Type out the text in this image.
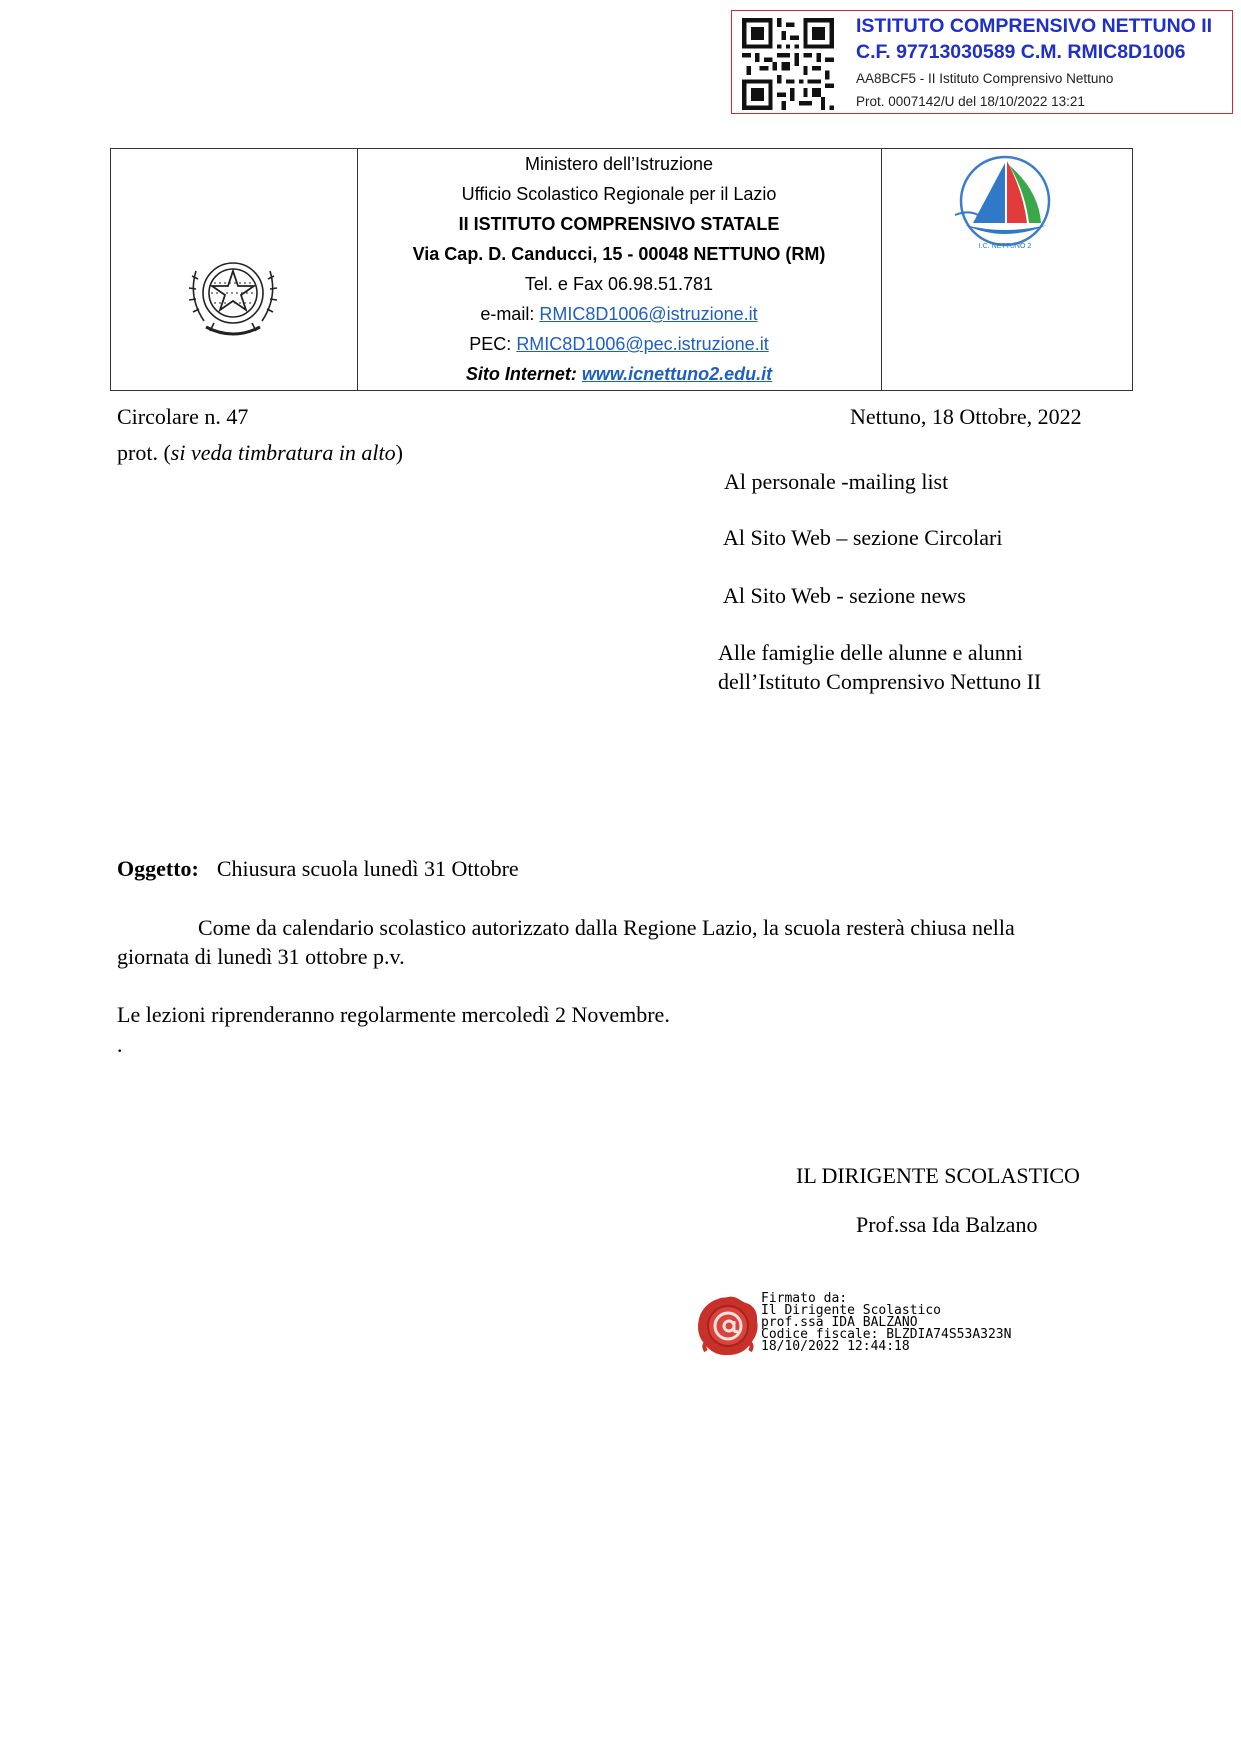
ISTITUTO COMPRENSIVO NETTUNO II
C.F. 97713030589 C.M. RMIC8D1006
AA8BCF5 - II Istituto Comprensivo Nettuno
Prot. 0007142/U del 18/10/2022 13:21
Ministero dell’Istruzione
Ufficio Scolastico Regionale per il Lazio
II ISTITUTO COMPRENSIVO STATALE
Via Cap. D. Canducci, 15 - 00048 NETTUNO (RM)
Tel. e Fax 06.98.51.781
e-mail: RMIC8D1006@istruzione.it
PEC: RMIC8D1006@pec.istruzione.it
Sito Internet: www.icnettuno2.edu.it
I.C. NETTUNO 2
Circolare n. 47	Nettuno, 18 Ottobre, 2022
prot. (si veda timbratura in alto)
Al personale -mailing list
Al Sito Web – sezione Circolari
Al Sito Web - sezione news
Alle famiglie delle alunne e alunni
dell’Istituto Comprensivo Nettuno II
Oggetto: Chiusura scuola lunedì 31 Ottobre
Come da calendario scolastico autorizzato dalla Regione Lazio, la scuola resterà chiusa nella
giornata di lunedì 31 ottobre p.v.
Le lezioni riprenderanno regolarmente mercoledì 2 Novembre.
.
IL DIRIGENTE SCOLASTICO
Prof.ssa Ida Balzano
Firmato da:
Il Dirigente Scolastico
prof.ssa IDA BALZANO
Codice fiscale: BLZDIA74S53A323N
18/10/2022 12:44:18
